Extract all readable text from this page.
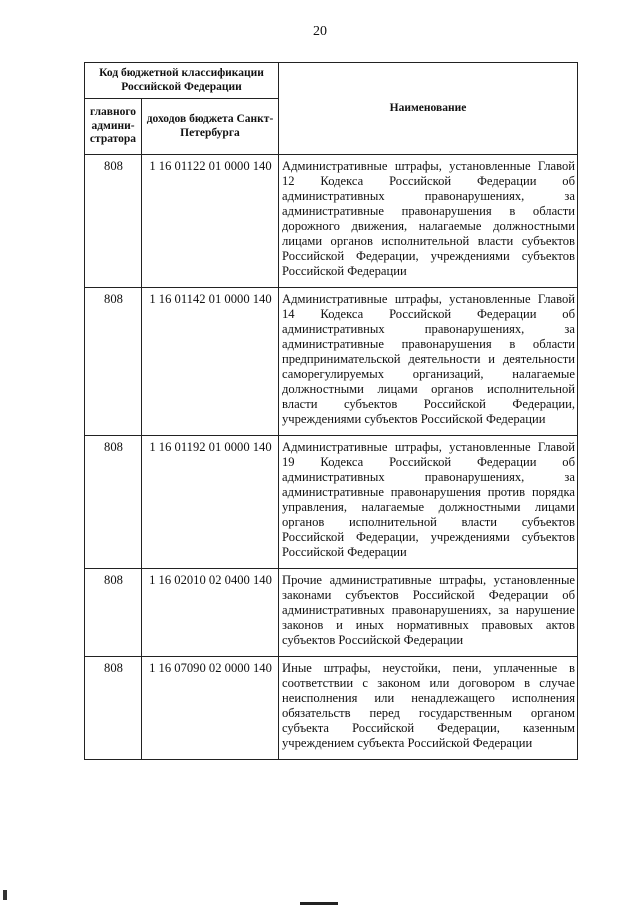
20
Код бюджетной классификации Российской Федерации		Наименование
главного админи-стратора	доходов бюджета Санкт-Петербурга	
808	1 16 01122 01 0000 140	Административные штрафы, установленные Главой 12 Кодекса Российской Федерации об административных правонарушениях, за административные правонарушения в области дорожного движения, налагаемые должностными лицами органов исполнительной власти субъектов Российской Федерации, учреждениями субъектов Российской Федерации
808	1 16 01142 01 0000 140	Административные штрафы, установленные Главой 14 Кодекса Российской Федерации об административных правонарушениях, за административные правонарушения в области предпринимательской деятельности и деятельности саморегулируемых организаций, налагаемые должностными лицами органов исполнительной власти субъектов Российской Федерации, учреждениями субъектов Российской Федерации
808	1 16 01192 01 0000 140	Административные штрафы, установленные Главой 19 Кодекса Российской Федерации об административных правонарушениях, за административные правонарушения против порядка управления, налагаемые должностными лицами органов исполнительной власти субъектов Российской Федерации, учреждениями субъектов Российской Федерации
808	1 16 02010 02 0400 140	Прочие административные штрафы, установленные законами субъектов Российской Федерации об административных правонарушениях, за нарушение законов и иных нормативных правовых актов субъектов Российской Федерации
808	1 16 07090 02 0000 140	Иные штрафы, неустойки, пени, уплаченные в соответствии с законом или договором в случае неисполнения или ненадлежащего исполнения обязательств перед государственным органом субъекта Российской Федерации, казенным учреждением субъекта Российской Федерации
